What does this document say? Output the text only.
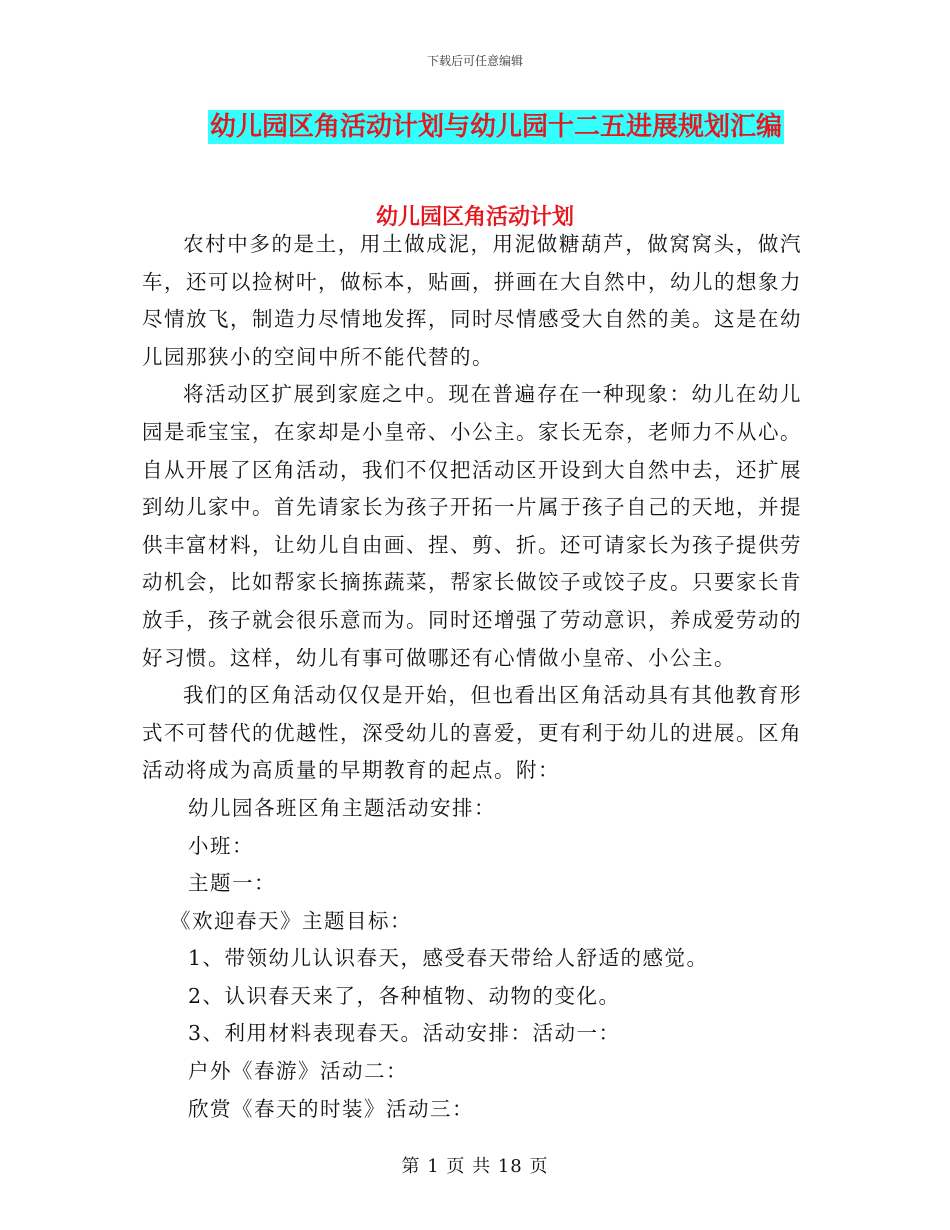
下载后可任意编辑
幼儿园区角活动计划与幼儿园十二五进展规划汇编
幼儿园区角活动计划

农村中多的是土，用土做成泥，用泥做糖葫芦，做窝窝头，做汽车，还可以捡树叶，做标本，贴画，拼画在大自然中，幼儿的想象力尽情放飞，制造力尽情地发挥，同时尽情感受大自然的美。这是在幼儿园那狭小的空间中所不能代替的。

将活动区扩展到家庭之中。现在普遍存在一种现象：幼儿在幼儿园是乖宝宝，在家却是小皇帝、小公主。家长无奈，老师力不从心。自从开展了区角活动，我们不仅把活动区开设到大自然中去，还扩展到幼儿家中。首先请家长为孩子开拓一片属于孩子自己的天地，并提供丰富材料，让幼儿自由画、捏、剪、折。还可请家长为孩子提供劳动机会，比如帮家长摘拣蔬菜，帮家长做饺子或饺子皮。只要家长肯放手，孩子就会很乐意而为。同时还增强了劳动意识，养成爱劳动的好习惯。这样，幼儿有事可做哪还有心情做小皇帝、小公主。

我们的区角活动仅仅是开始，但也看出区角活动具有其他教育形式不可替代的优越性，深受幼儿的喜爱，更有利于幼儿的进展。区角活动将成为高质量的早期教育的起点。附：

幼儿园各班区角主题活动安排：

小班：

主题一：

《欢迎春天》主题目标：

1、带领幼儿认识春天，感受春天带给人舒适的感觉。

2、认识春天来了，各种植物、动物的变化。

3、利用材料表现春天。活动安排：活动一：

户外《春游》活动二：

欣赏《春天的时装》活动三：

第 1 页 共 18 页
